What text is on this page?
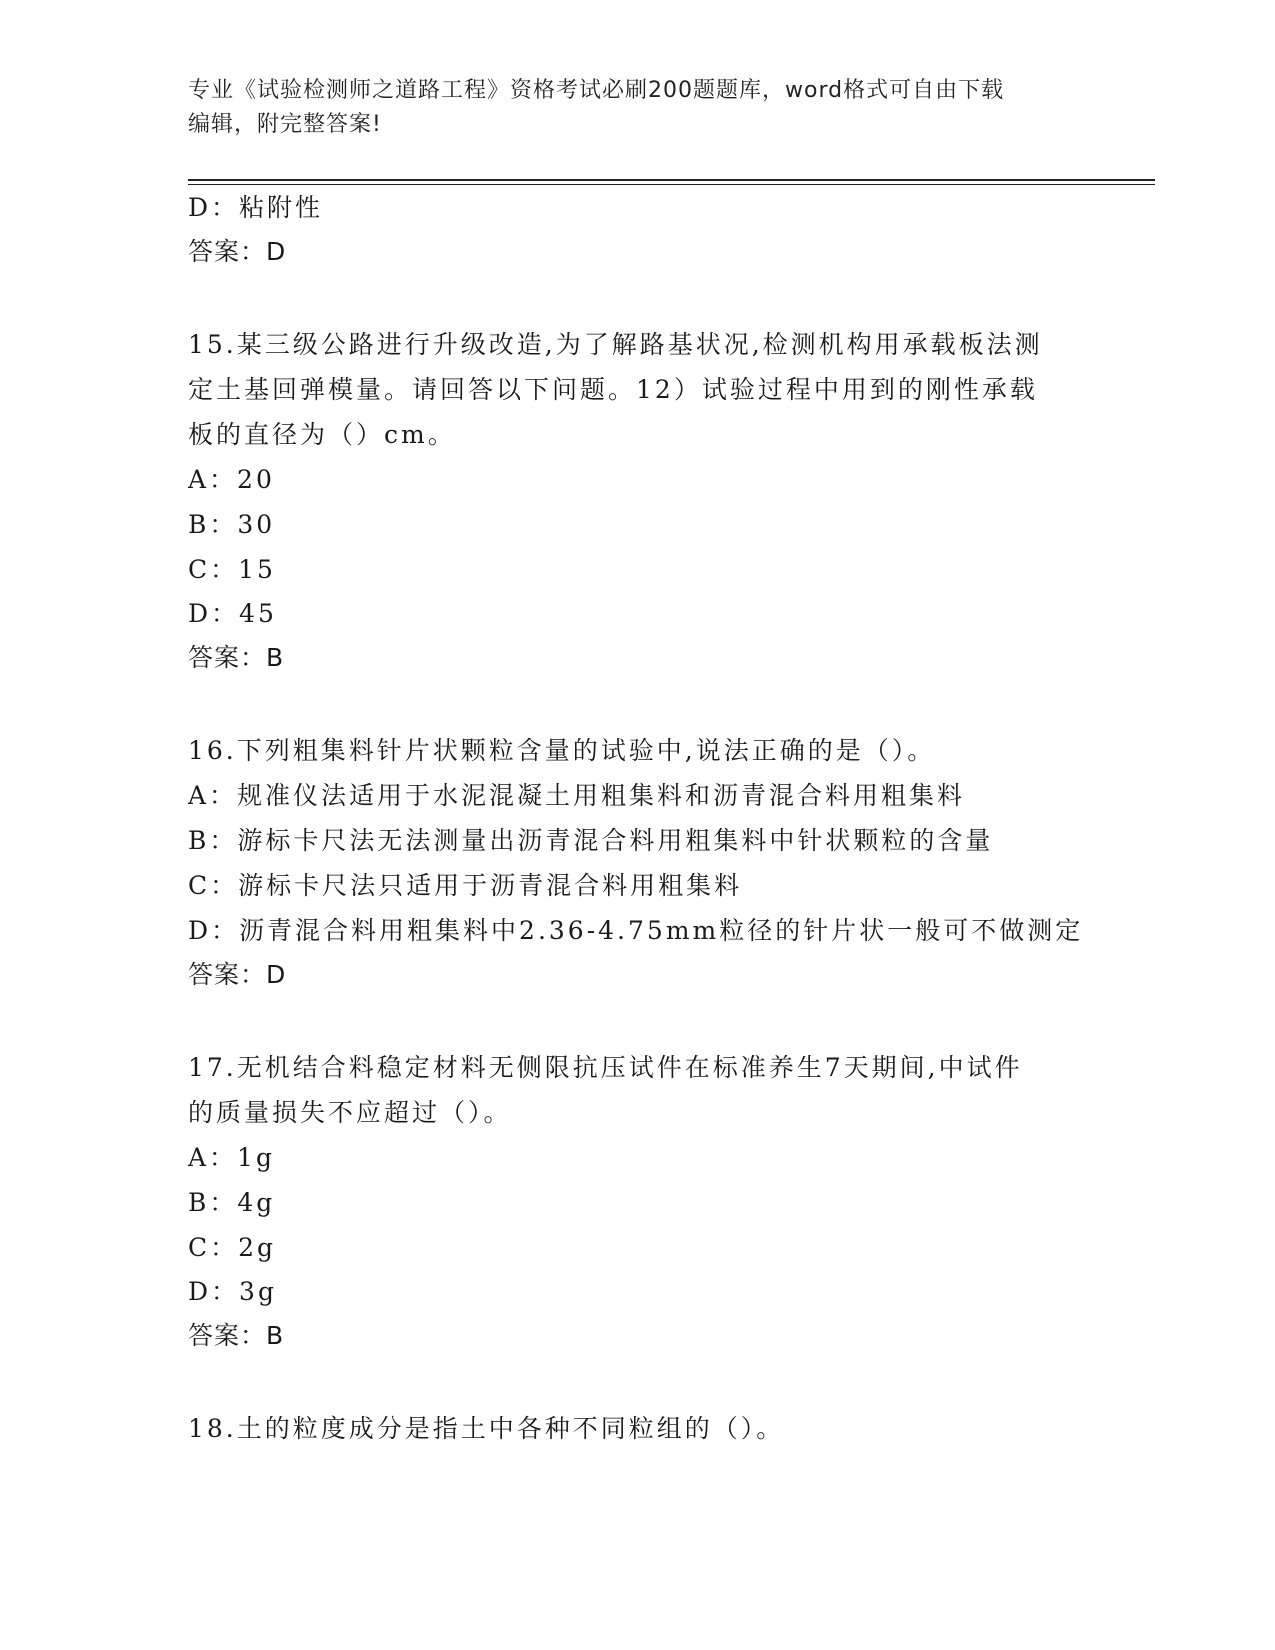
专业《试验检测师之道路工程》资格考试必刷200题题库，word格式可自由下载
编辑，附完整答案!
D：粘附性
答案：D
15.某三级公路进行升级改造,为了解路基状况,检测机构用承载板法测
定土基回弹模量。请回答以下问题。12）试验过程中用到的刚性承载
板的直径为（）cm。
A：20
B：30
C：15
D：45
答案：B
16.下列粗集料针片状颗粒含量的试验中,说法正确的是（）。
A：规准仪法适用于水泥混凝土用粗集料和沥青混合料用粗集料
B：游标卡尺法无法测量出沥青混合料用粗集料中针状颗粒的含量
C：游标卡尺法只适用于沥青混合料用粗集料
D：沥青混合料用粗集料中2.36-4.75mm粒径的针片状一般可不做测定
答案：D
17.无机结合料稳定材料无侧限抗压试件在标准养生7天期间,中试件
的质量损失不应超过（）。
A：1g
B：4g
C：2g
D：3g
答案：B
18.土的粒度成分是指土中各种不同粒组的（）。
